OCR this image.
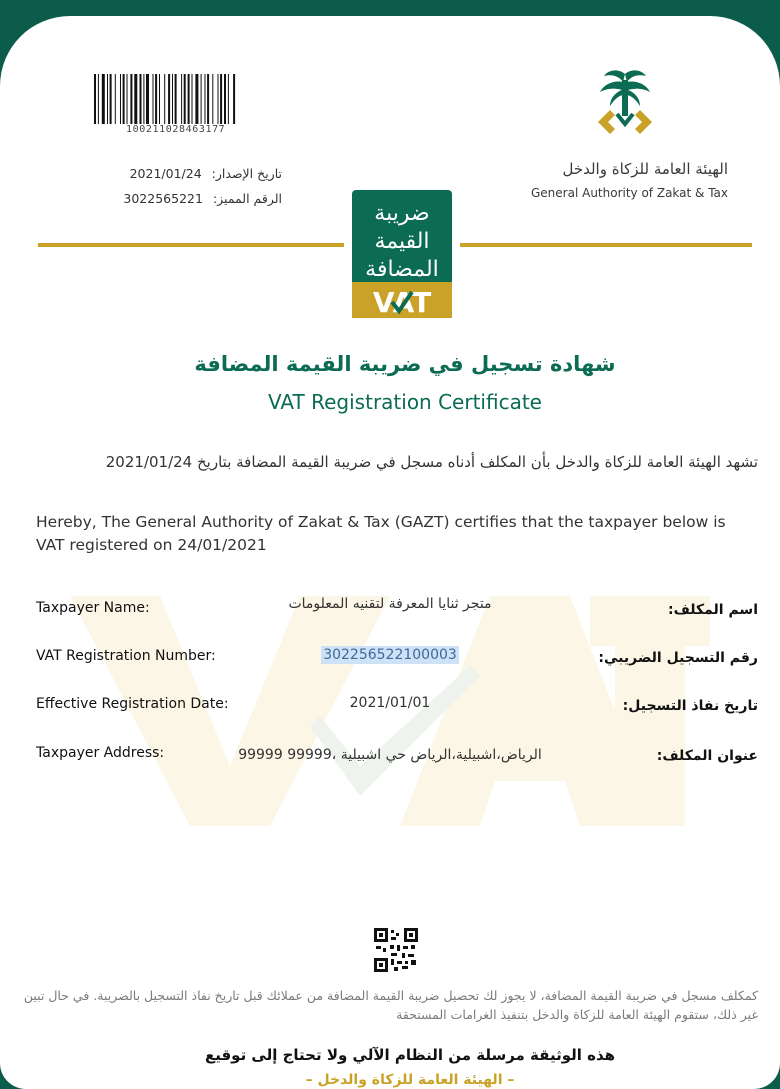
100211028463177
تاريخ الإصدار:2021/01/24
الرقم المميز:3022565221
الهيئة العامة للزكاة والدخل
General Authority of Zakat & Tax
ضريبة
القيمة
المضافة
VAT
شهادة تسجيل في ضريبة القيمة المضافة
VAT Registration Certificate
تشهد الهيئة العامة للزكاة والدخل بأن المكلف أدناه مسجل في ضريبة القيمة المضافة بتاريخ 2021/01/24
Hereby, The General Authority of Zakat & Tax (GAZT) certifies that the taxpayer below is VAT registered on 24/01/2021
Taxpayer Name:	متجر ثنايا المعرفة لتقنيه المعلومات	اسم المكلف:
VAT Registration Number:	302256522100003	رقم التسجيل الضريبي:
Effective Registration Date:	2021/01/01	تاريخ نفاذ التسجيل:
Taxpayer Address:	الرياض،اشبيلية،الرياض حي اشبيلية ،99999 99999	عنوان المكلف:
كمكلف مسجل في ضريبة القيمة المضافة، لا يجوز لك تحصيل ضريبة القيمة المضافة من عملائك قبل تاريخ نفاذ التسجيل بالضريبة. في حال تبين غير ذلك، ستقوم الهيئة العامة للزكاة والدخل بتنفيذ الغرامات المستحقة
هذه الوثيقة مرسلة من النظام الآلي ولا تحتاج إلى توقيع
– الهيئة العامة للزكاة والدخل –
